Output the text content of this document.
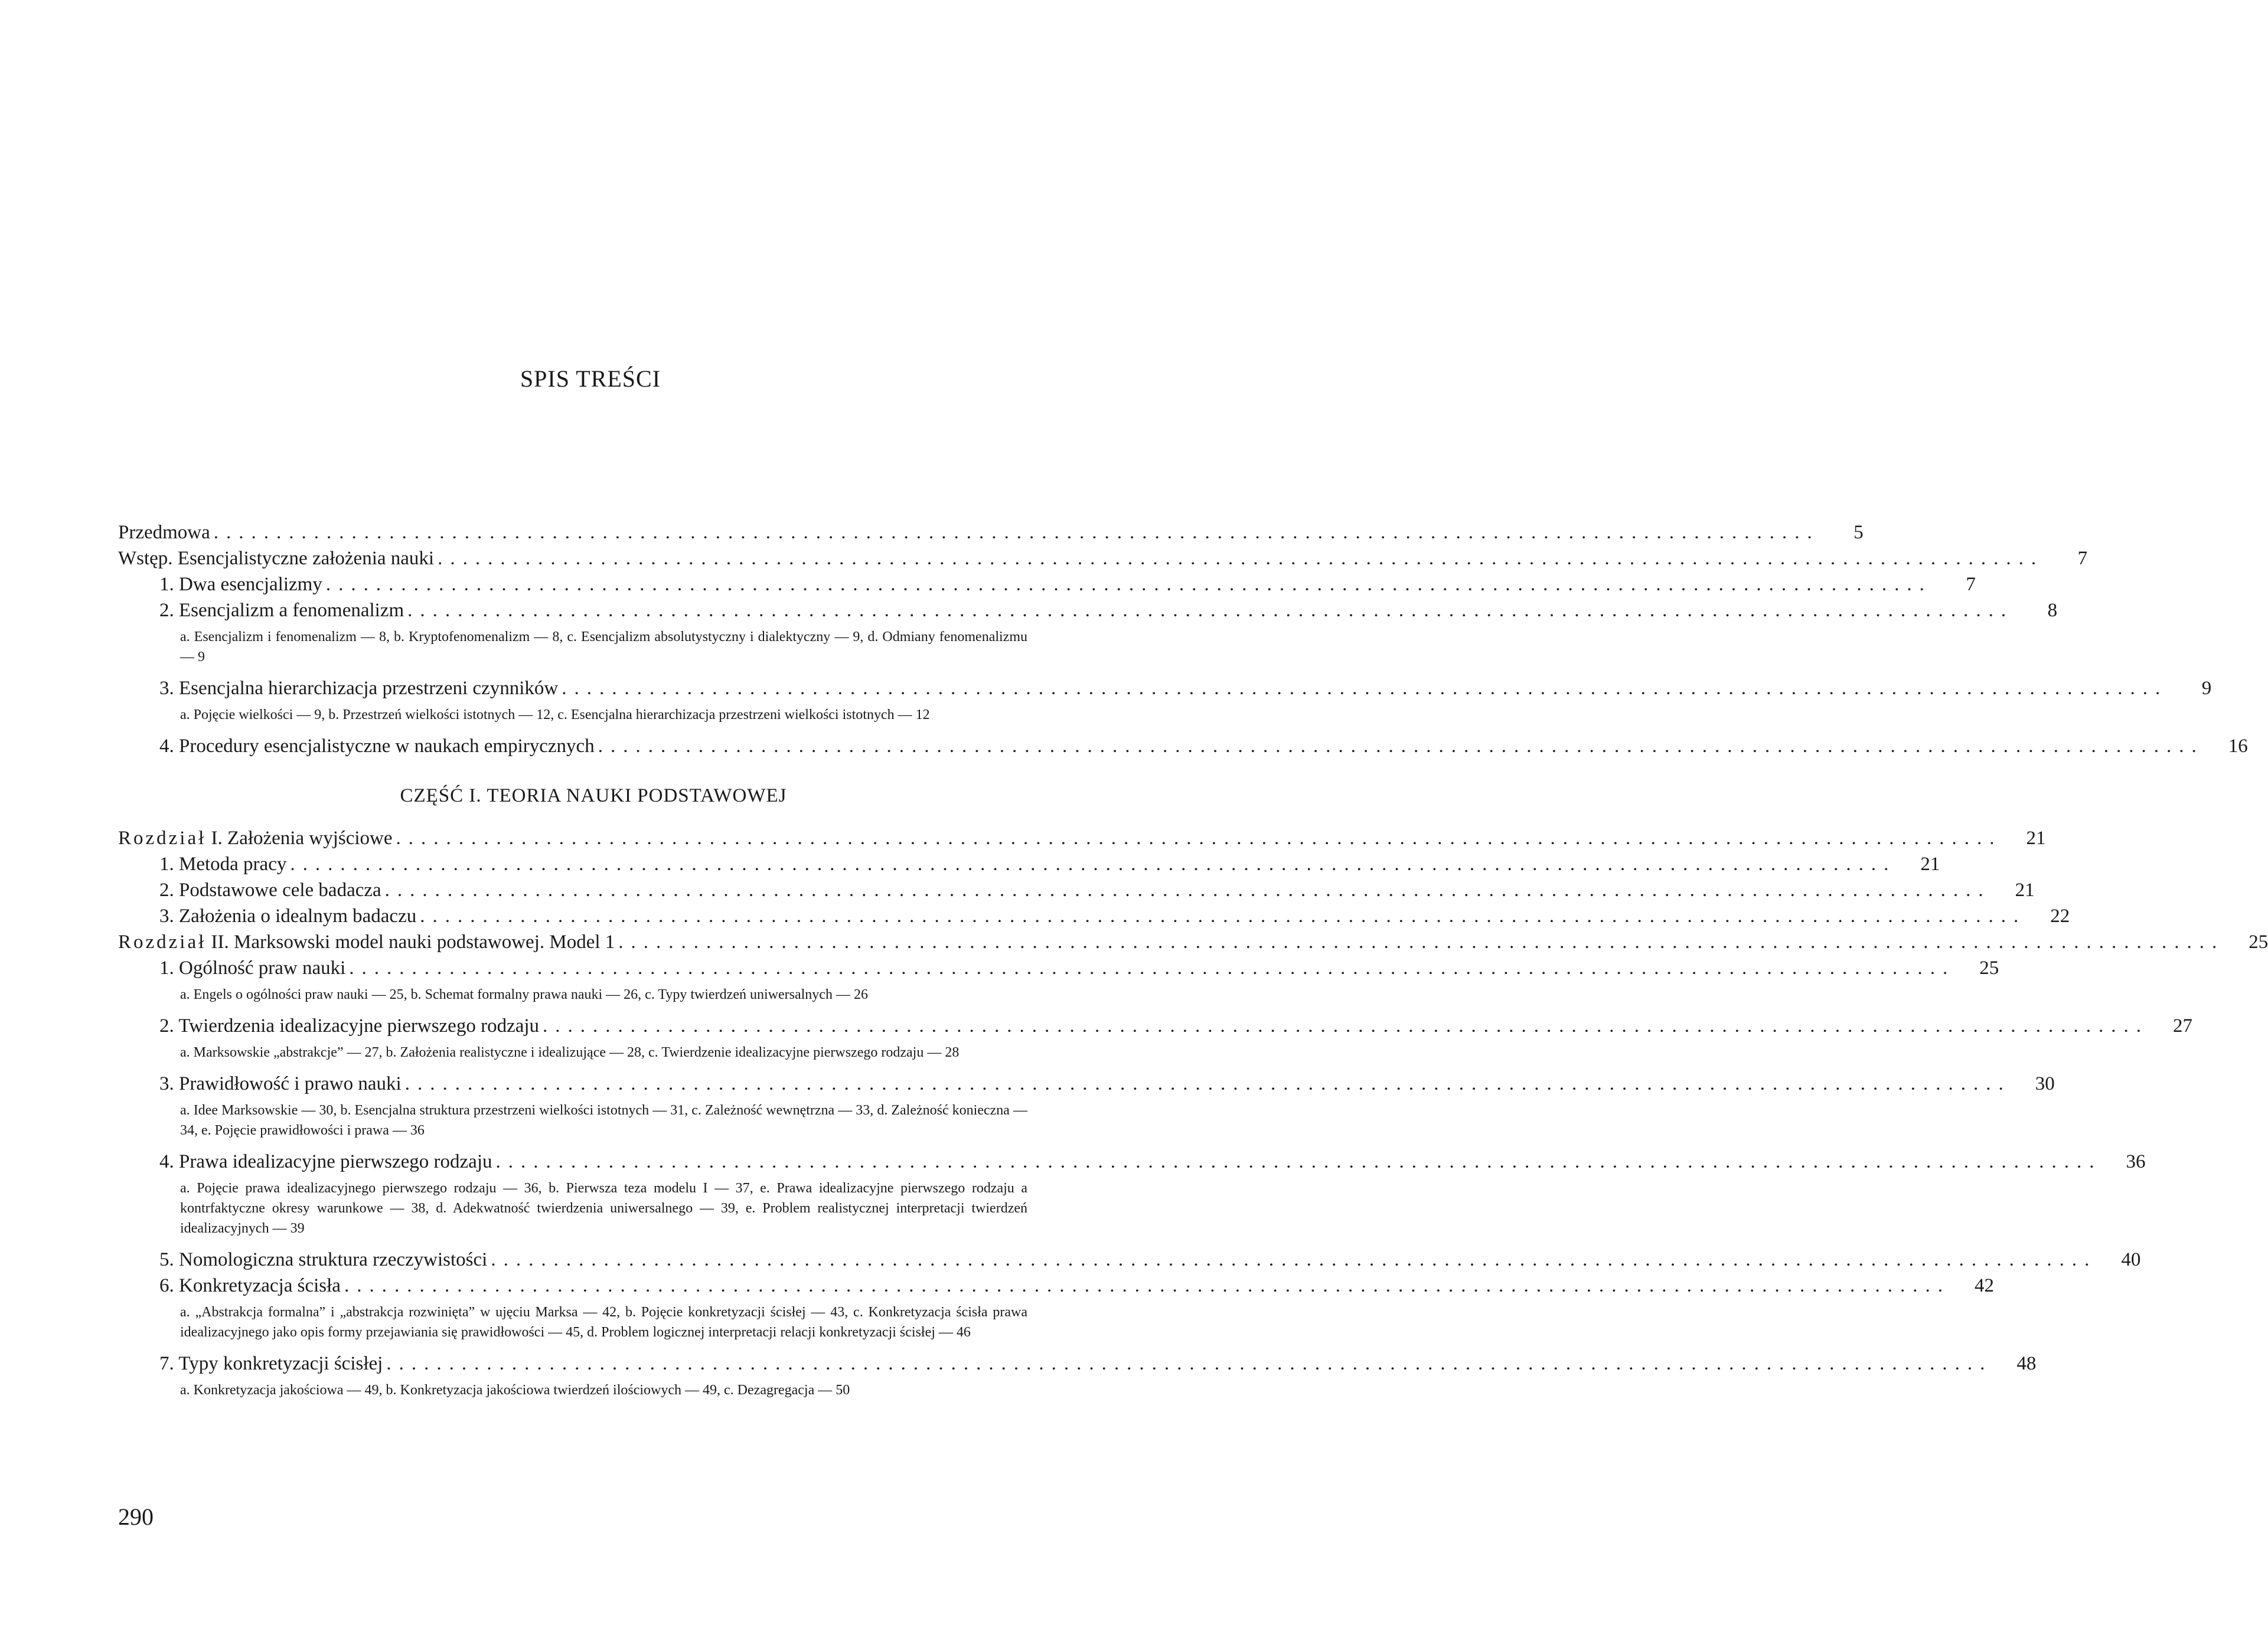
SPIS TREŚCI
Przedmowa ................................................................................................................................	5
Wstęp. Esencjalistyczne założenia nauki ................................................................................................................................	7
1. Dwa esencjalizmy ................................................................................................................................	7
2. Esencjalizm a fenomenalizm ................................................................................................................................	8
a. Esencjalizm i fenomenalizm — 8, b. Kryptofenomenalizm — 8, c. Esencjalizm absolutystyczny i dialektyczny — 9, d. Odmiany fenomenalizmu — 9
3. Esencjalna hierarchizacja przestrzeni czynników ................................................................................................................................	9
a. Pojęcie wielkości — 9, b. Przestrzeń wielkości istotnych — 12, c. Esencjalna hierarchizacja przestrzeni wielkości istotnych — 12
4. Procedury esencjalistyczne w naukach empirycznych ................................................................................................................................	16
CZĘŚĆ I. TEORIA NAUKI PODSTAWOWEJ
Rozdział I. Założenia wyjściowe ................................................................................................................................	21
1. Metoda pracy ................................................................................................................................	21
2. Podstawowe cele badacza ................................................................................................................................	21
3. Założenia o idealnym badaczu ................................................................................................................................	22
Rozdział II. Marksowski model nauki podstawowej. Model 1 ................................................................................................................................	25
1. Ogólność praw nauki ................................................................................................................................	25
a. Engels o ogólności praw nauki — 25, b. Schemat formalny prawa nauki — 26, c. Typy twierdzeń uniwersalnych — 26
2. Twierdzenia idealizacyjne pierwszego rodzaju ................................................................................................................................	27
a. Marksowskie „abstrakcje” — 27, b. Założenia realistyczne i idealizujące — 28, c. Twierdzenie idealizacyjne pierwszego rodzaju — 28
3. Prawidłowość i prawo nauki ................................................................................................................................	30
a. Idee Marksowskie — 30, b. Esencjalna struktura przestrzeni wielkości istotnych — 31, c. Zależność wewnętrzna — 33, d. Zależność konieczna — 34, e. Pojęcie prawidłowości i prawa — 36
4. Prawa idealizacyjne pierwszego rodzaju ................................................................................................................................	36
a. Pojęcie prawa idealizacyjnego pierwszego rodzaju — 36, b. Pierwsza teza modelu I — 37, e. Prawa idealizacyjne pierwszego rodzaju a kontrfaktyczne okresy warunkowe — 38, d. Adekwatność twierdzenia uniwersalnego — 39, e. Problem realistycznej interpretacji twierdzeń idealizacyjnych — 39
5. Nomologiczna struktura rzeczywistości ................................................................................................................................	40
6. Konkretyzacja ścisła ................................................................................................................................	42
a. „Abstrakcja formalna” i „abstrakcja rozwinięta” w ujęciu Marksa — 42, b. Pojęcie konkretyzacji ścisłej — 43, c. Konkretyzacja ścisła prawa idealizacyjnego jako opis formy przejawiania się prawidłowości — 45, d. Problem logicznej interpretacji relacji konkretyzacji ścisłej — 46
7. Typy konkretyzacji ścisłej ................................................................................................................................	48
a. Konkretyzacja jakościowa — 49, b. Konkretyzacja jakościowa twierdzeń ilościowych — 49, c. Dezagregacja — 50
290
